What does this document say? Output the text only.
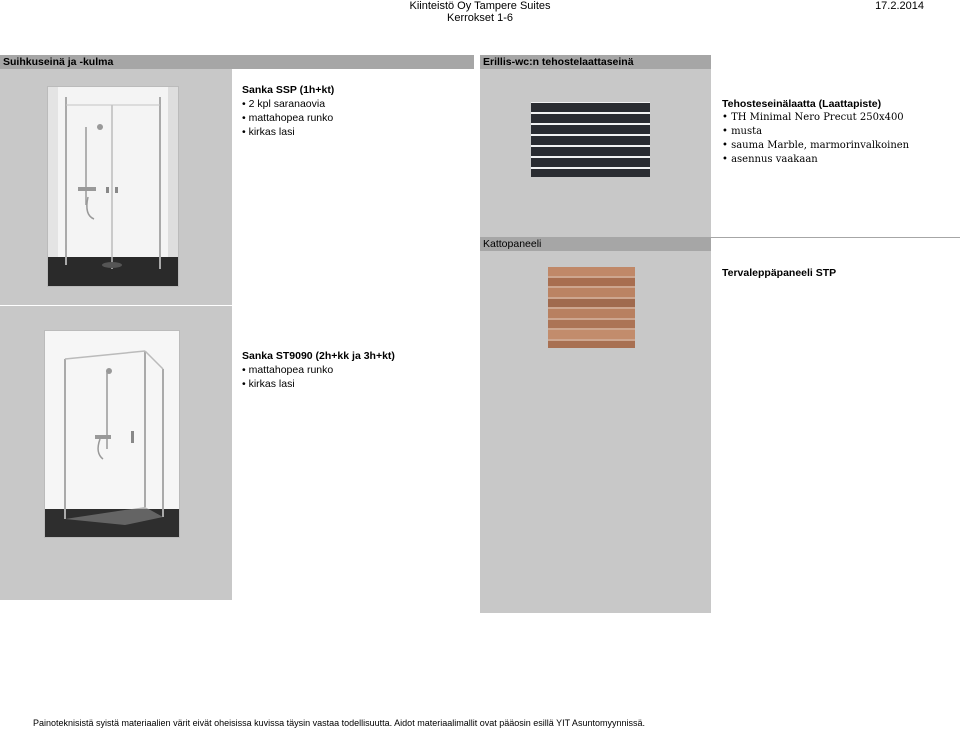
Kiinteistö Oy Tampere Suites
Kerrokset 1-6
17.2.2014
Suihkuseinä ja -kulma
Sanka SSP (1h+kt)
• 2 kpl saranaovia
• mattahopea runko
• kirkas lasi
Sanka ST9090 (2h+kk ja 3h+kt)
• mattahopea runko
• kirkas lasi
Erillis-wc:n tehostelaattaseinä
Tehosteseinälaatta (Laattapiste)
• TH Minimal Nero Precut 250x400
• musta
• sauma Marble, marmorinvalkoinen
• asennus vaakaan
Kattopaneeli
Tervaleppäpaneeli STP
Painoteknisistä syistä materiaalien värit eivät oheisissa kuvissa täysin vastaa todellisuutta. Aidot materiaalimallit ovat pääosin esillä YIT Asuntomyynnissä.
